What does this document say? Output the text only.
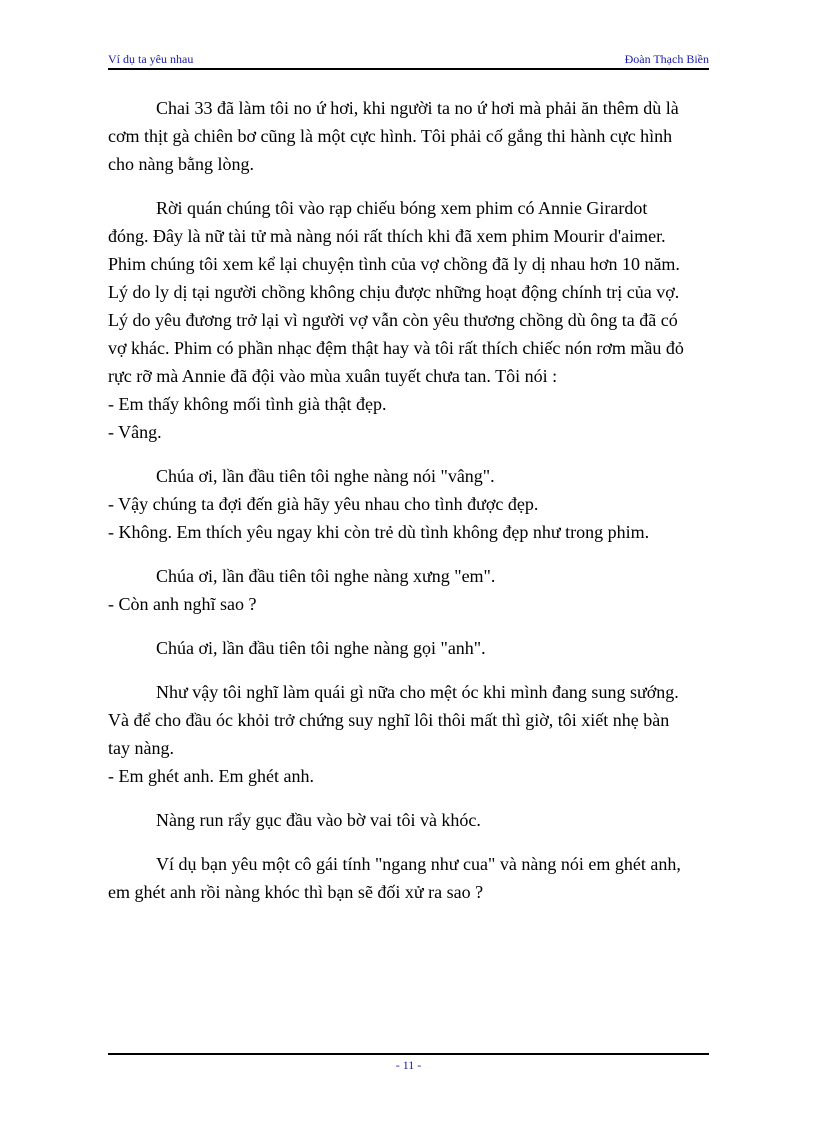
Ví dụ ta yêu nhau	Đoàn Thạch Biền

Chai 33 đã làm tôi no ứ hơi, khi người ta no ứ hơi mà phải ăn thêm dù là
cơm thịt gà chiên bơ cũng là một cực hình. Tôi phải cố gắng thi hành cực hình
cho nàng bằng lòng.

Rời quán chúng tôi vào rạp chiếu bóng xem phim có Annie Girardot
đóng. Đây là nữ tài tử mà nàng nói rất thích khi đã xem phim Mourir d'aimer.
Phim chúng tôi xem kể lại chuyện tình của vợ chồng đã ly dị nhau hơn 10 năm.
Lý do ly dị tại người chồng không chịu được những hoạt động chính trị của vợ.
Lý do yêu đương trở lại vì người vợ vẫn còn yêu thương chồng dù ông ta đã có
vợ khác. Phim có phần nhạc đệm thật hay và tôi rất thích chiếc nón rơm mầu đỏ
rực rỡ mà Annie đã đội vào mùa xuân tuyết chưa tan. Tôi nói :
- Em thấy không mối tình già thật đẹp.
- Vâng.
Chúa ơi, lần đầu tiên tôi nghe nàng nói "vâng".
- Vậy chúng ta đợi đến già hãy yêu nhau cho tình được đẹp.
- Không. Em thích yêu ngay khi còn trẻ dù tình không đẹp như trong phim.
Chúa ơi, lần đầu tiên tôi nghe nàng xưng "em".
- Còn anh nghĩ sao ?
Chúa ơi, lần đầu tiên tôi nghe nàng gọi "anh".
Như vậy tôi nghĩ làm quái gì nữa cho mệt óc khi mình đang sung sướng.
Và để cho đầu óc khỏi trở chứng suy nghĩ lôi thôi mất thì giờ, tôi xiết nhẹ bàn
tay nàng.
- Em ghét anh. Em ghét anh.
Nàng run rẩy gục đầu vào bờ vai tôi và khóc.
Ví dụ bạn yêu một cô gái tính "ngang như cua" và nàng nói em ghét anh,
em ghét anh rồi nàng khóc thì bạn sẽ đối xử ra sao ?
- 11 -
